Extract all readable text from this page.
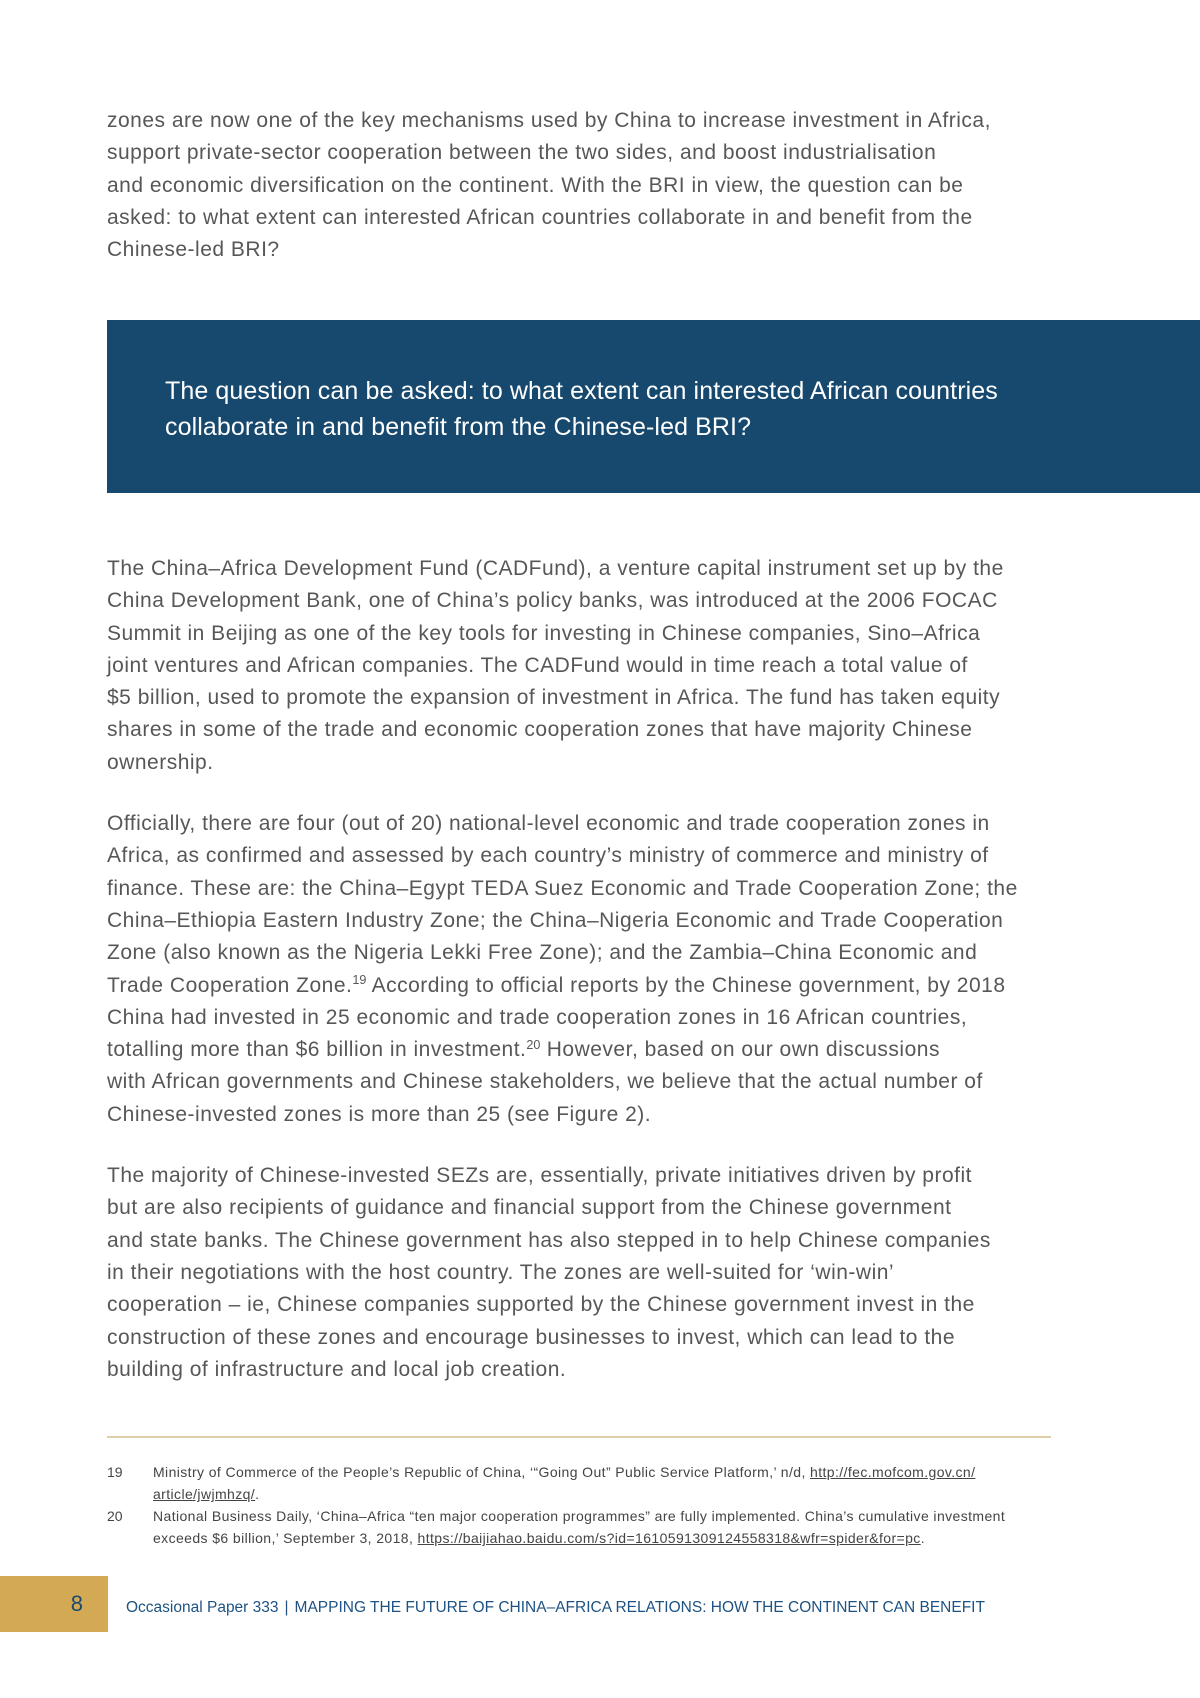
zones are now one of the key mechanisms used by China to increase investment in Africa,
support private-sector cooperation between the two sides, and boost industrialisation
and economic diversification on the continent. With the BRI in view, the question can be
asked: to what extent can interested African countries collaborate in and benefit from the
Chinese-led BRI?

The question can be asked: to what extent can interested African countries
collaborate in and benefit from the Chinese-led BRI?

The China–Africa Development Fund (CADFund), a venture capital instrument set up by the
China Development Bank, one of China’s policy banks, was introduced at the 2006 FOCAC
Summit in Beijing as one of the key tools for investing in Chinese companies, Sino–Africa
joint ventures and African companies. The CADFund would in time reach a total value of
$5 billion, used to promote the expansion of investment in Africa. The fund has taken equity
shares in some of the trade and economic cooperation zones that have majority Chinese
ownership.

Officially, there are four (out of 20) national-level economic and trade cooperation zones in
Africa, as confirmed and assessed by each country’s ministry of commerce and ministry of
finance. These are: the China–Egypt TEDA Suez Economic and Trade Cooperation Zone; the
China–Ethiopia Eastern Industry Zone; the China–Nigeria Economic and Trade Cooperation
Zone (also known as the Nigeria Lekki Free Zone); and the Zambia–China Economic and
Trade Cooperation Zone.$^{19}$ According to official reports by the Chinese government, by 2018
China had invested in 25 economic and trade cooperation zones in 16 African countries,
totalling more than $6 billion in investment.$^{20}$ However, based on our own discussions
with African governments and Chinese stakeholders, we believe that the actual number of
Chinese-invested zones is more than 25 (see Figure 2).

The majority of Chinese-invested SEZs are, essentially, private initiatives driven by profit
but are also recipients of guidance and financial support from the Chinese government
and state banks. The Chinese government has also stepped in to help Chinese companies
in their negotiations with the host country. The zones are well-suited for ‘win-win’
cooperation – ie, Chinese companies supported by the Chinese government invest in the
construction of these zones and encourage businesses to invest, which can lead to the
building of infrastructure and local job creation.

19 Ministry of Commerce of the People’s Republic of China, ‘“Going Out” Public Service Platform,’ n/d, http://fec.mofcom.gov.cn/
article/jwjmhzq/.
20 National Business Daily, ‘China–Africa “ten major cooperation programmes” are fully implemented. China’s cumulative investment
exceeds $6 billion,’ September 3, 2018, https://baijiahao.baidu.com/s?id=1610591309124558318&wfr=spider&for=pc.
8	Occasional Paper 333 | MAPPING THE FUTURE OF CHINA–AFRICA RELATIONS: HOW THE CONTINENT CAN BENEFIT
